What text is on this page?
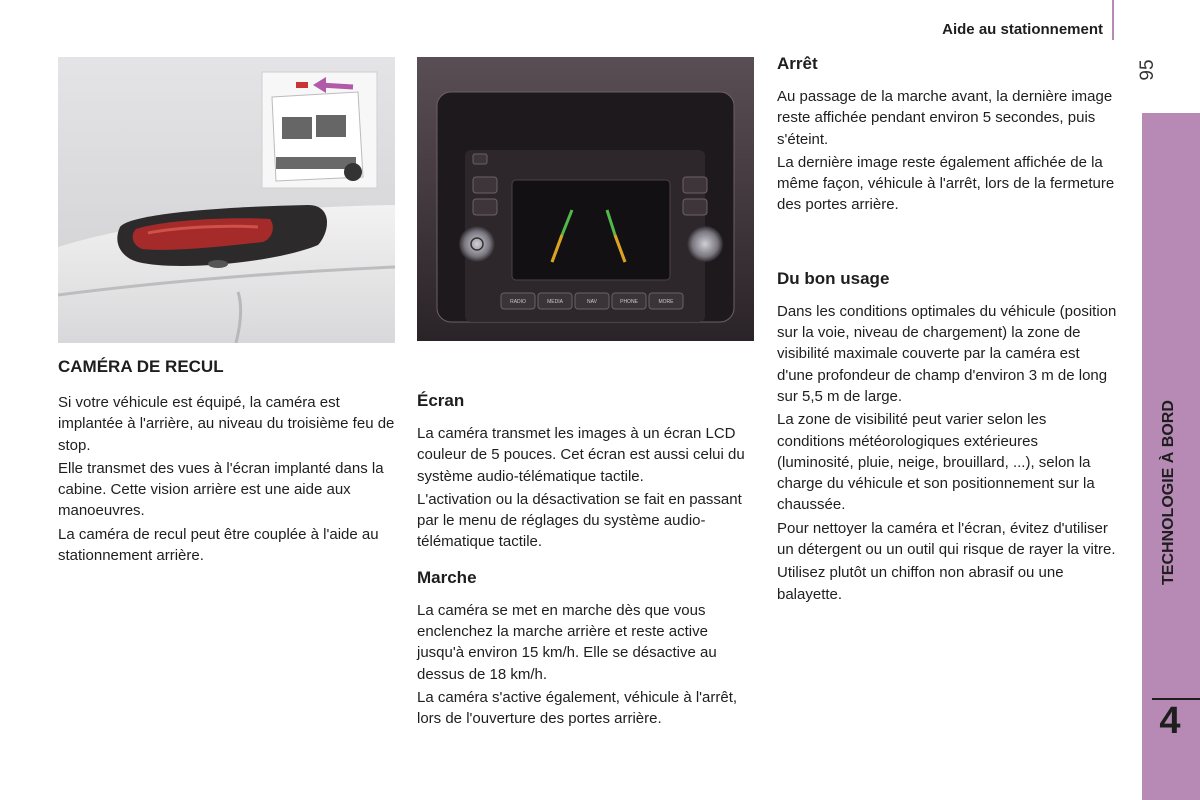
Aide au stationnement
95
TECHNOLOGIE À BORD
4
RADIO	MEDIA	NAV	PHONE	MORE
CAMÉRA DE RECUL

Si votre véhicule est équipé, la caméra est implantée à l'arrière, au niveau du troisième feu de stop.

Elle transmet des vues à l'écran implanté dans la cabine. Cette vision arrière est une aide aux manoeuvres.

La caméra de recul peut être couplée à l'aide au stationnement arrière.

Écran

La caméra transmet les images à un écran LCD couleur de 5 pouces. Cet écran est aussi celui du système audio-télématique tactile.

L'activation ou la désactivation se fait en passant par le menu de réglages du système audio-télématique tactile.

Marche

La caméra se met en marche dès que vous enclenchez la marche arrière et reste active jusqu'à environ 15 km/h. Elle se désactive au dessus de 18 km/h.

La caméra s'active également, véhicule à l'arrêt, lors de l'ouverture des portes arrière.

Arrêt

Au passage de la marche avant, la dernière image reste affichée pendant environ 5 secondes, puis s'éteint.

La dernière image reste également affichée de la même façon, véhicule à l'arrêt, lors de la fermeture des portes arrière.

Du bon usage

Dans les conditions optimales du véhicule (position sur la voie, niveau de chargement) la zone de visibilité maximale couverte par la caméra est d'une profondeur de champ d'environ 3 m de long sur 5,5 m de large.

La zone de visibilité peut varier selon les conditions météorologiques extérieures (luminosité, pluie, neige, brouillard, ...), selon la charge du véhicule et son positionnement sur la chaussée.

Pour nettoyer la caméra et l'écran, évitez d'utiliser un détergent ou un outil qui risque de rayer la vitre.

Utilisez plutôt un chiffon non abrasif ou une balayette.
